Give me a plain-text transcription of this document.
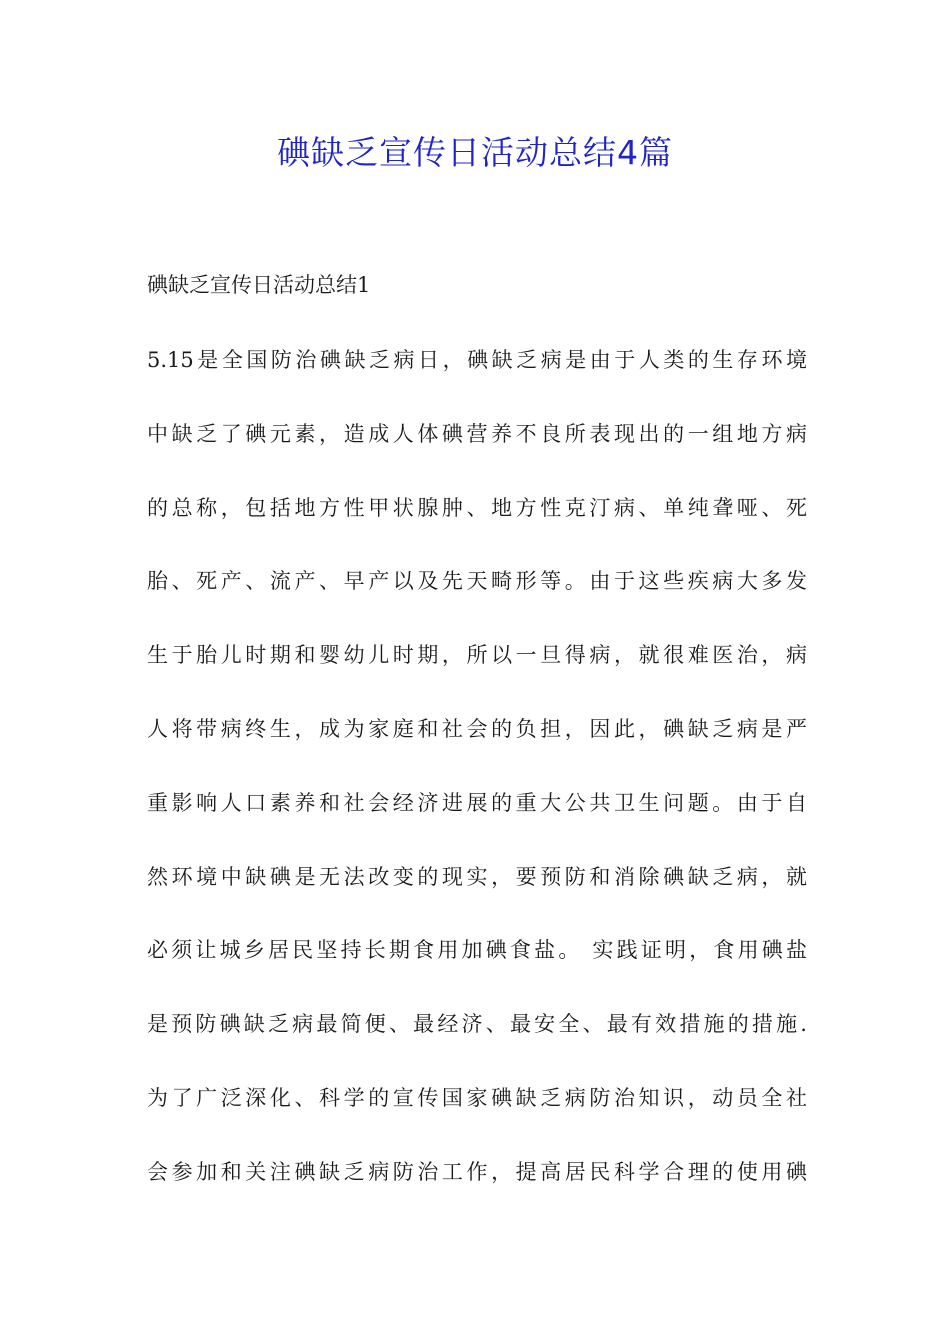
碘缺乏宣传日活动总结4篇
碘缺乏宣传日活动总结1
5.15是全国防治碘缺乏病日，碘缺乏病是由于人类的生存环境
中缺乏了碘元素，造成人体碘营养不良所表现出的一组地方病
的总称，包括地方性甲状腺肿、地方性克汀病、单纯聋哑、死
胎、死产、流产、早产以及先天畸形等。由于这些疾病大多发
生于胎儿时期和婴幼儿时期，所以一旦得病，就很难医治，病
人将带病终生，成为家庭和社会的负担，因此，碘缺乏病是严
重影响人口素养和社会经济进展的重大公共卫生问题。由于自
然环境中缺碘是无法改变的现实，要预防和消除碘缺乏病，就
必须让城乡居民坚持长期食用加碘食盐。 实践证明，食用碘盐
是预防碘缺乏病最简便、最经济、最安全、最有效措施的措施.
为了广泛深化、科学的宣传国家碘缺乏病防治知识，动员全社
会参加和关注碘缺乏病防治工作，提高居民科学合理的使用碘
